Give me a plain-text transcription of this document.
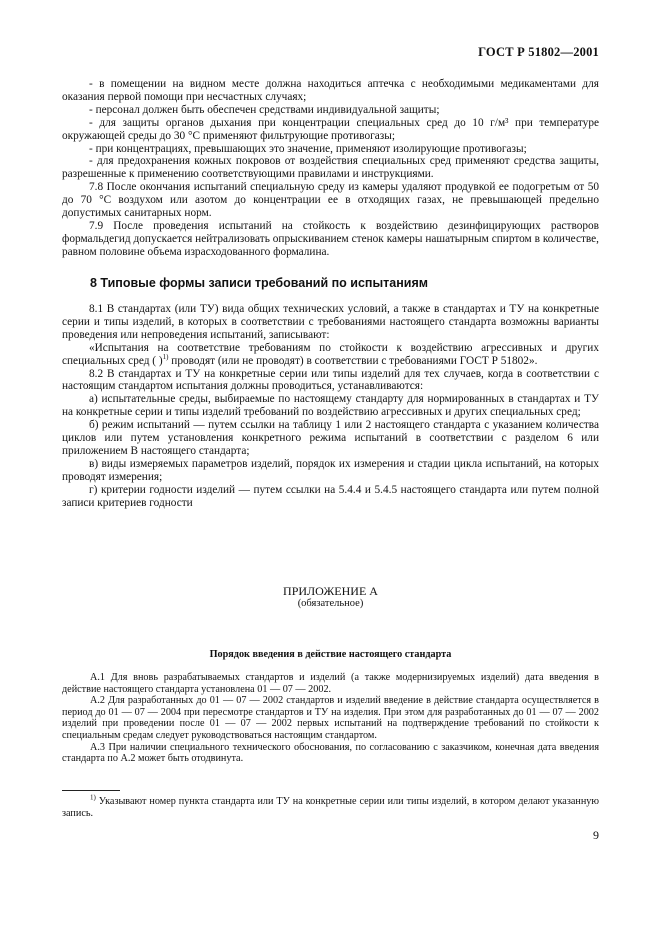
ГОСТ Р 51802—2001

- в помещении на видном месте должна находиться аптечка с необходимыми медикаментами для оказания первой помощи при несчастных случаях;

- персонал должен быть обеспечен средствами индивидуальной защиты;

- для защиты органов дыхания при концентрации специальных сред до 10 г/м³ при температуре окружающей среды до 30 °С применяют фильтрующие противогазы;

- при концентрациях, превышающих это значение, применяют изолирующие противогазы;

- для предохранения кожных покровов от воздействия специальных сред применяют средства защиты, разрешенные к применению соответствующими правилами и инструкциями.

7.8 После окончания испытаний специальную среду из камеры удаляют продувкой ее подогретым от 50 до 70 °С воздухом или азотом до концентрации ее в отходящих газах, не превышающей предельно допустимых санитарных норм.

7.9 После проведения испытаний на стойкость к воздействию дезинфицирующих растворов формальдегид допускается нейтрализовать опрыскиванием стенок камеры нашатырным спиртом в количестве, равном половине объема израсходованного формалина.

8 Типовые формы записи требований по испытаниям

8.1 В стандартах (или ТУ) вида общих технических условий, а также в стандартах и ТУ на конкретные серии и типы изделий, в которых в соответствии с требованиями настоящего стандарта возможны варианты проведения или непроведения испытаний, записывают:

«Испытания на соответствие требованиям по стойкости к воздействию агрессивных и других специальных сред ( )$^{1)}$ проводят (или не проводят) в соответствии с требованиями ГОСТ Р 51802».

8.2 В стандартах и ТУ на конкретные серии или типы изделий для тех случаев, когда в соответствии с настоящим стандартом испытания должны проводиться, устанавливаются:

а) испытательные среды, выбираемые по настоящему стандарту для нормированных в стандартах и ТУ на конкретные серии и типы изделий требований по воздействию агрессивных и других специальных сред;

б) режим испытаний — путем ссылки на таблицу 1 или 2 настоящего стандарта с указанием количества циклов или путем установления конкретного режима испытаний в соответствии с разделом 6 или приложением В настоящего стандарта;

в) виды измеряемых параметров изделий, порядок их измерения и стадии цикла испытаний, на которых проводят измерения;

г) критерии годности изделий — путем ссылки на 5.4.4 и 5.4.5 настоящего стандарта или путем полной записи критериев годности

ПРИЛОЖЕНИЕ А
(обязательное)
Порядок введения в действие настоящего стандарта

А.1 Для вновь разрабатываемых стандартов и изделий (а также модернизируемых изделий) дата введения в действие настоящего стандарта установлена 01 — 07 — 2002.

А.2 Для разработанных до 01 — 07 — 2002 стандартов и изделий введение в действие стандарта осуществляется в период до 01 — 07 — 2004 при пересмотре стандартов и ТУ на изделия. При этом для разработанных до 01 — 07 — 2002 изделий при проведении после 01 — 07 — 2002 первых испытаний на подтверждение требований по стойкости к специальным средам следует руководствоваться настоящим стандартом.

А.3 При наличии специального технического обоснования, по согласованию с заказчиком, конечная дата введения стандарта по А.2 может быть отодвинута.

$^{1)}$ Указывают номер пункта стандарта или ТУ на конкретные серии или типы изделий, в котором делают указанную запись.

9
